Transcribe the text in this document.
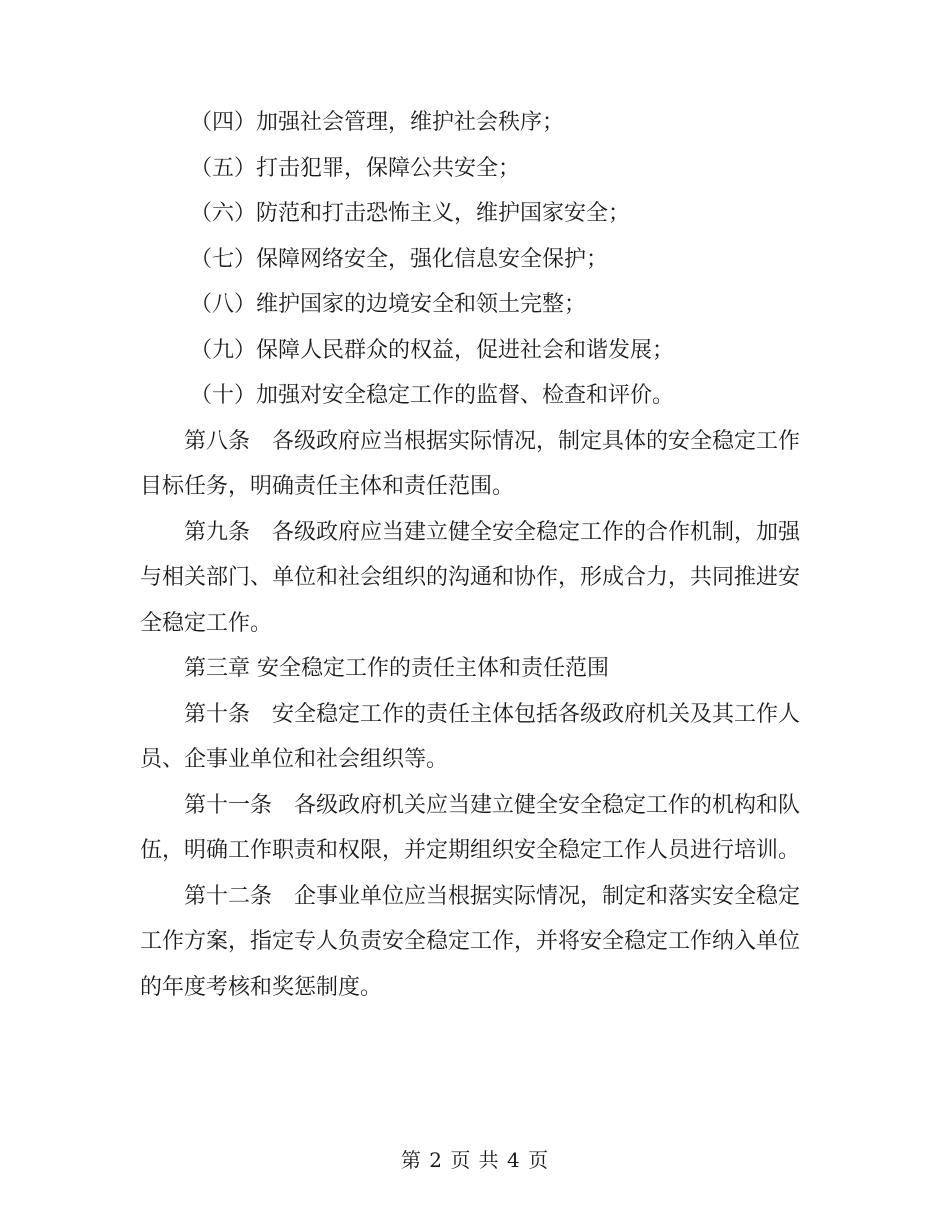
（四）加强社会管理，维护社会秩序；

（五）打击犯罪，保障公共安全；

（六）防范和打击恐怖主义，维护国家安全；

（七）保障网络安全，强化信息安全保护；

（八）维护国家的边境安全和领土完整；

（九）保障人民群众的权益，促进社会和谐发展；

（十）加强对安全稳定工作的监督、检查和评价。

第八条　各级政府应当根据实际情况，制定具体的安全稳定工作目标任务，明确责任主体和责任范围。

第九条　各级政府应当建立健全安全稳定工作的合作机制，加强与相关部门、单位和社会组织的沟通和协作，形成合力，共同推进安全稳定工作。

第三章 安全稳定工作的责任主体和责任范围

第十条　安全稳定工作的责任主体包括各级政府机关及其工作人员、企事业单位和社会组织等。

第十一条　各级政府机关应当建立健全安全稳定工作的机构和队伍，明确工作职责和权限，并定期组织安全稳定工作人员进行培训。

第十二条　企事业单位应当根据实际情况，制定和落实安全稳定工作方案，指定专人负责安全稳定工作，并将安全稳定工作纳入单位的年度考核和奖惩制度。

第 2 页 共 4 页
